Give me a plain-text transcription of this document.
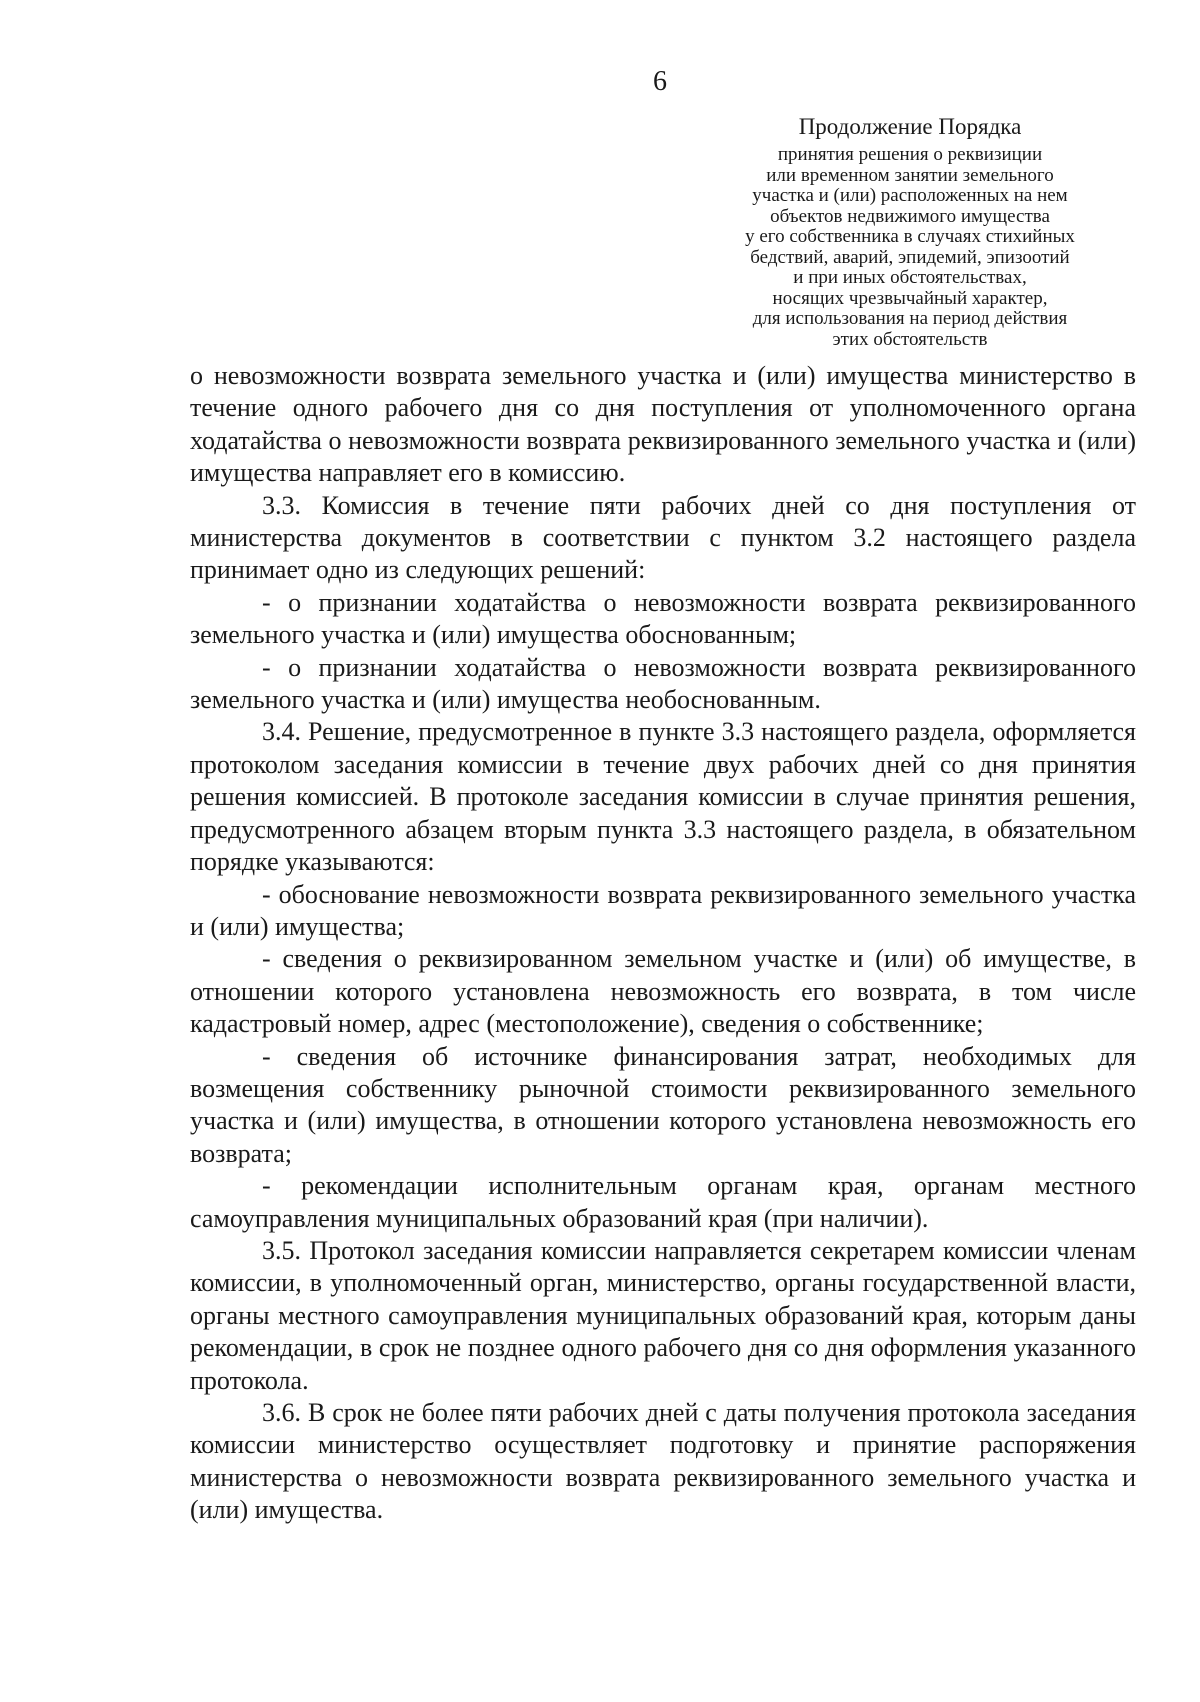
6
Продолжение Порядка
принятия решения о реквизиции
или временном занятии земельного
участка и (или) расположенных на нем
объектов недвижимого имущества
у его собственника в случаях стихийных
бедствий, аварий, эпидемий, эпизоотий
и при иных обстоятельствах,
носящих чрезвычайный характер,
для использования на период действия
этих обстоятельств

о невозможности возврата земельного участка и (или) имущества министерство в течение одного рабочего дня со дня поступления от уполномоченного органа ходатайства о невозможности возврата реквизированного земельного участка и (или) имущества направляет его в комиссию.

3.3. Комиссия в течение пяти рабочих дней со дня поступления от министерства документов в соответствии с пунктом 3.2 настоящего раздела принимает одно из следующих решений:

- о признании ходатайства о невозможности возврата реквизированного земельного участка и (или) имущества обоснованным;

- о признании ходатайства о невозможности возврата реквизированного земельного участка и (или) имущества необоснованным.

3.4. Решение, предусмотренное в пункте 3.3 настоящего раздела, оформляется протоколом заседания комиссии в течение двух рабочих дней со дня принятия решения комиссией. В протоколе заседания комиссии в случае принятия решения, предусмотренного абзацем вторым пункта 3.3 настоящего раздела, в обязательном порядке указываются:

- обоснование невозможности возврата реквизированного земельного участка и (или) имущества;

- сведения о реквизированном земельном участке и (или) об имуществе, в отношении которого установлена невозможность его возврата, в том числе кадастровый номер, адрес (местоположение), сведения о собственнике;

- сведения об источнике финансирования затрат, необходимых для возмещения собственнику рыночной стоимости реквизированного земельного участка и (или) имущества, в отношении которого установлена невозможность его возврата;

- рекомендации исполнительным органам края, органам местного самоуправления муниципальных образований края (при наличии).

3.5. Протокол заседания комиссии направляется секретарем комиссии членам комиссии, в уполномоченный орган, министерство, органы государственной власти, органы местного самоуправления муниципальных образований края, которым даны рекомендации, в срок не позднее одного рабочего дня со дня оформления указанного протокола.

3.6. В срок не более пяти рабочих дней с даты получения протокола заседания комиссии министерство осуществляет подготовку и принятие распоряжения министерства о невозможности возврата реквизированного земельного участка и (или) имущества.
